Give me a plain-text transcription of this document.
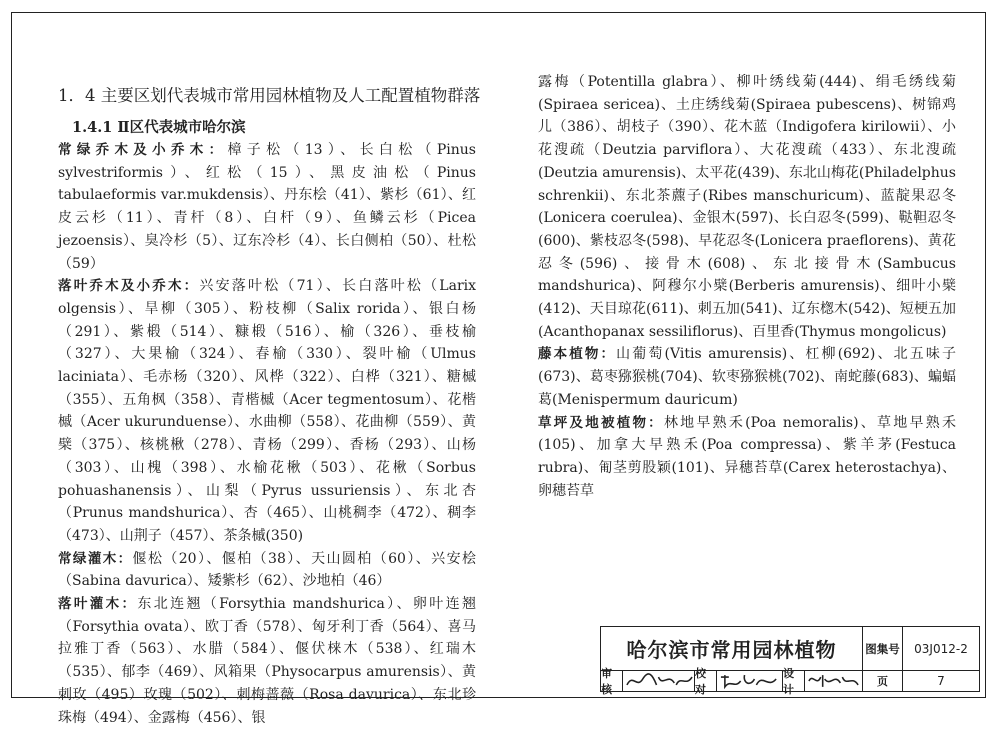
1．4 主要区划代表城市常用园林植物及人工配置植物群落
1.4.1 Ⅱ区代表城市哈尔滨

常绿乔木及小乔木：樟子松（13）、长白松（Pinus sylvestriformis）、红松（15）、黑皮油松（Pinus tabulaeformis var.mukdensis）、丹东桧（41）、紫杉（61）、红皮云杉（11）、青杆（8）、白杆（9）、鱼鳞云杉（Picea jezoensis）、臭冷杉（5）、辽东冷杉（4）、长白侧柏（50）、杜松（59）

落叶乔木及小乔木：兴安落叶松（71）、长白落叶松（Larix olgensis）、旱柳（305）、粉枝柳（Salix rorida）、银白杨（291）、紫椴（514）、糠椴（516）、榆（326）、垂枝榆（327）、大果榆（324）、春榆（330）、裂叶榆（Ulmus laciniata）、毛赤杨（320）、风桦（322）、白桦（321）、糖槭（355）、五角枫（358）、青楷槭（Acer tegmentosum）、花楷槭（Acer ukurunduense）、水曲柳（558）、花曲柳（559）、黄檗（375）、核桃楸（278）、青杨（299）、香杨（293）、山杨（303）、山槐（398）、水榆花楸（503）、花楸（Sorbus pohuashanensis）、山梨（Pyrus ussuriensis）、东北杏（Prunus mandshurica）、杏（465）、山桃稠李（472）、稠李（473）、山荆子（457）、茶条槭(350)

常绿灌木：偃松（20）、偃柏（38）、天山圆柏（60）、兴安桧（Sabina davurica）、矮紫杉（62）、沙地柏（46）

落叶灌木：东北连翘（Forsythia mandshurica）、卵叶连翘（Forsythia ovata）、欧丁香（578）、匈牙利丁香（564）、喜马拉雅丁香（563）、水腊（584）、偃伏梾木（538）、红瑞木（535）、郁李（469）、风箱果（Physocarpus amurensis）、黄刺玫（495）玫瑰（502）、刺梅蔷薇（Rosa davurica）、东北珍珠梅（494）、金露梅（456）、银

露梅（Potentilla glabra）、柳叶绣线菊(444)、绢毛绣线菊(Spiraea sericea)、土庄绣线菊(Spiraea pubescens)、树锦鸡儿（386）、胡枝子（390）、花木蓝（Indigofera kirilowii）、小花溲疏（Deutzia parviflora）、大花溲疏（433）、东北溲疏(Deutzia amurensis)、太平花(439)、东北山梅花(Philadelphus schrenkii)、东北茶藨子(Ribes manschuricum)、蓝靛果忍冬(Lonicera coerulea)、金银木(597)、长白忍冬(599)、鞑靼忍冬(600)、紫枝忍冬(598)、早花忍冬(Lonicera praeflorens)、黄花忍冬(596)、接骨木(608)、东北接骨木(Sambucus mandshurica)、阿穆尔小檗(Berberis amurensis)、细叶小檗(412)、天目琼花(611)、刺五加(541)、辽东楤木(542)、短梗五加(Acanthopanax sessiliflorus)、百里香(Thymus mongolicus)

藤本植物：山葡萄(Vitis amurensis)、杠柳(692)、北五味子(673)、葛枣猕猴桃(704)、软枣猕猴桃(702)、南蛇藤(683)、蝙蝠葛(Menispermum dauricum)

草坪及地被植物：林地早熟禾(Poa nemoralis)、草地早熟禾(105)、加拿大早熟禾(Poa compressa)、紫羊茅(Festuca rubra)、匍茎剪股颖(101)、异穗苔草(Carex heterostachya)、卵穗苔草

哈尔滨市常用园林植物	图集号	03J012-2
审核
校对
设计
页	7
